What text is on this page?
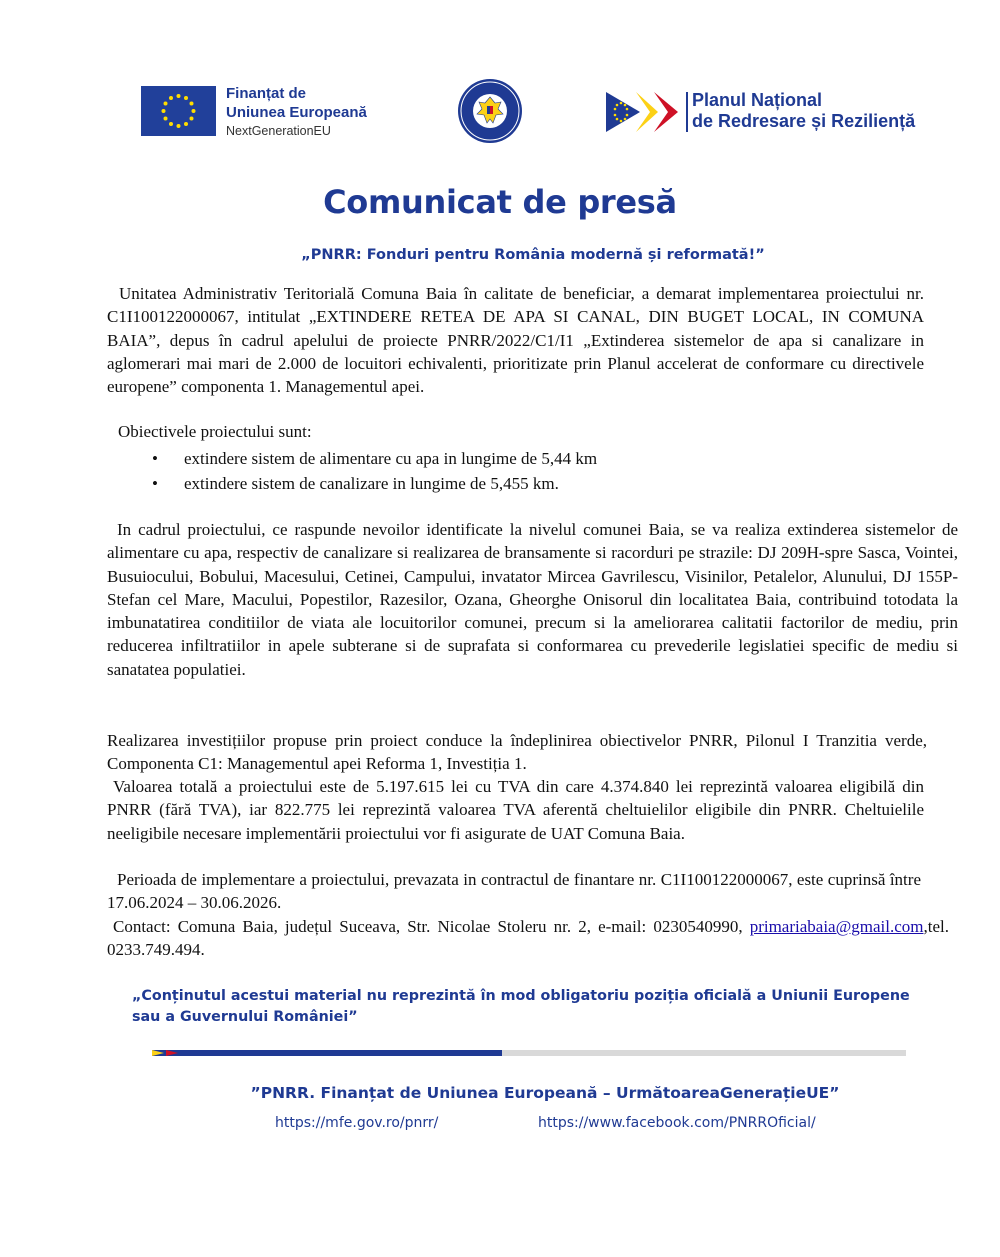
Finanțat de
Uniunea Europeană
NextGenerationEU
Planul Național
de Redresare și Reziliență
Comunicat de presă
„PNRR: Fonduri pentru România modernă și reformată!”
Unitatea Administrativ Teritorială Comuna Baia în calitate de beneficiar, a demarat implementarea proiectului nr. C1I100122000067, intitulat „EXTINDERE RETEA DE APA SI CANAL, DIN BUGET LOCAL, IN COMUNA BAIA”, depus în cadrul apelului de proiecte PNRR/2022/C1/I1 „Extinderea sistemelor de apa si canalizare in aglomerari mai mari de 2.000 de locuitori echivalenti, prioritizate prin Planul accelerat de conformare cu directivele europene” componenta 1. Managementul apei.
Obiectivele proiectului sunt:
• extindere sistem de alimentare cu apa in lungime de 5,44 km
• extindere sistem de canalizare in lungime de 5,455 km.
In cadrul proiectului, ce raspunde nevoilor identificate la nivelul comunei Baia, se va realiza extinderea sistemelor de alimentare cu apa, respectiv de canalizare si realizarea de bransamente si racorduri pe strazile: DJ 209H-spre Sasca, Vointei, Busuiocului, Bobului, Macesului, Cetinei, Campului, invatator Mircea Gavrilescu, Visinilor, Petalelor, Alunului, DJ 155P-Stefan cel Mare, Macului, Popestilor, Razesilor, Ozana, Gheorghe Onisorul din localitatea Baia, contribuind totodata la imbunatatirea conditiilor de viata ale locuitorilor comunei, precum si la ameliorarea calitatii factorilor de mediu, prin reducerea infiltratiilor in apele subterane si de suprafata si conformarea cu prevederile legislatiei specific de mediu si sanatatea populatiei.
Realizarea investițiilor propuse prin proiect conduce la îndeplinirea obiectivelor PNRR, Pilonul I Tranzitia verde, Componenta C1: Managementul apei Reforma 1, Investiția 1.
Valoarea totală a proiectului este de 5.197.615 lei cu TVA din care 4.374.840 lei reprezintă valoarea eligibilă din PNRR (fără TVA), iar 822.775 lei reprezintă valoarea TVA aferentă cheltuielilor eligibile din PNRR. Cheltuielile neeligibile necesare implementării proiectului vor fi asigurate de UAT Comuna Baia.
Perioada de implementare a proiectului, prevazata in contractul de finantare nr. C1I100122000067, este cuprinsă între 17.06.2024 – 30.06.2026.
Contact: Comuna Baia, județul Suceava, Str. Nicolae Stoleru nr. 2, e-mail: 0230540990, primariabaia@gmail.com,tel. 0233.749.494.
„Conținutul acestui material nu reprezintă în mod obligatoriu poziția oficială a Uniunii Europene sau a Guvernului României”
”PNRR. Finanțat de Uniunea Europeană – UrmătoareaGenerațieUE”
https://mfe.gov.ro/pnrr/	https://www.facebook.com/PNRROficial/
